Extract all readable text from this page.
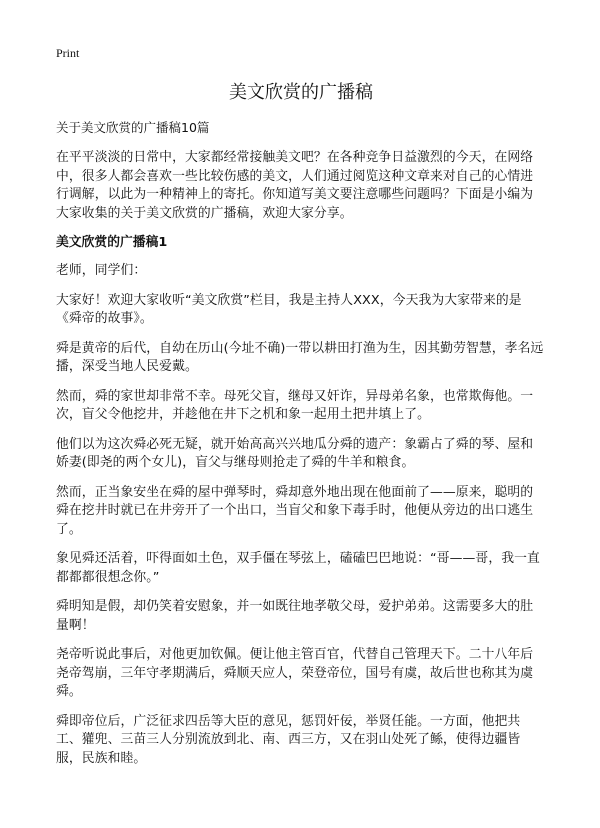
Print
美文欣赏的广播稿

关于美文欣赏的广播稿10篇

在平平淡淡的日常中，大家都经常接触美文吧？在各种竞争日益激烈的今天，在网络中，很多人都会喜欢一些比较伤感的美文，人们通过阅览这种文章来对自己的心情进行调解，以此为一种精神上的寄托。你知道写美文要注意哪些问题吗？下面是小编为大家收集的关于美文欣赏的广播稿，欢迎大家分享。

美文欣赏的广播稿1

老师，同学们：

大家好！欢迎大家收听“美文欣赏”栏目，我是主持人XXX，今天我为大家带来的是《舜帝的故事》。

舜是黄帝的后代，自幼在历山(今址不确)一带以耕田打渔为生，因其勤劳智慧，孝名远播，深受当地人民爱戴。

然而，舜的家世却非常不幸。母死父盲，继母又奸诈，异母弟名象，也常欺侮他。一次，盲父令他挖井，并趁他在井下之机和象一起用土把井填上了。

他们以为这次舜必死无疑，就开始高高兴兴地瓜分舜的遗产：象霸占了舜的琴、屋和娇妻(即尧的两个女儿)，盲父与继母则抢走了舜的牛羊和粮食。

然而，正当象安坐在舜的屋中弹琴时，舜却意外地出现在他面前了——原来，聪明的舜在挖井时就已在井旁开了一个出口，当盲父和象下毒手时，他便从旁边的出口逃生了。

象见舜还活着，吓得面如土色，双手僵在琴弦上，磕磕巴巴地说：“哥——哥，我一直都都都很想念你。”

舜明知是假，却仍笑着安慰象，并一如既往地孝敬父母，爱护弟弟。这需要多大的肚量啊！

尧帝听说此事后，对他更加钦佩。便让他主管百官，代替自己管理天下。二十八年后尧帝驾崩，三年守孝期满后，舜顺天应人，荣登帝位，国号有虞，故后世也称其为虞舜。

舜即帝位后，广泛征求四岳等大臣的意见，惩罚奸佞，举贤任能。一方面，他把共工、獾兜、三苗三人分别流放到北、南、西三方，又在羽山处死了鲧，使得边疆皆服，民族和睦。
